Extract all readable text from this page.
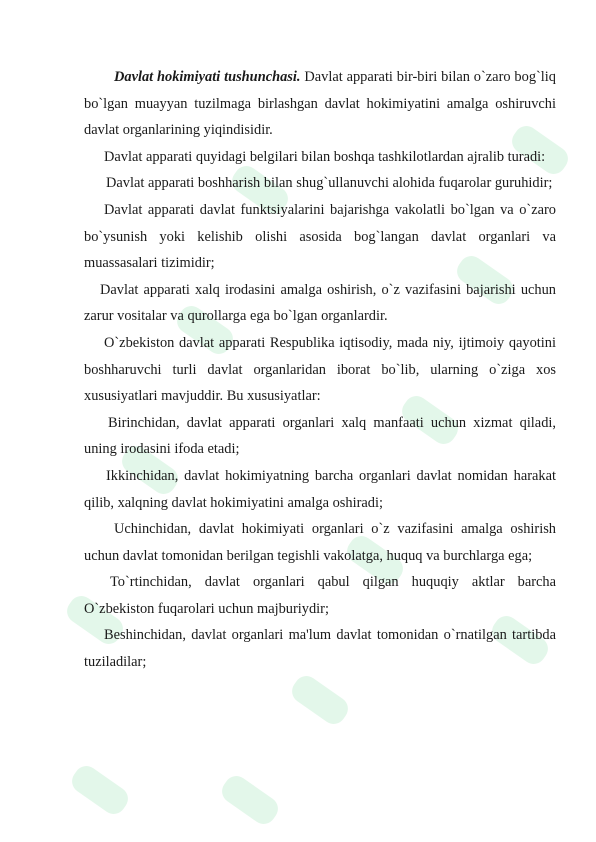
Davlat hokimiyati tushunchasi. Davlat apparati bir-biri bilan o`zaro bog`liq bo`lgan muayyan tuzilmaga birlashgan davlat hokimiyatini amalga oshiruvchi davlat organlarining yiqindisidir.

Davlat apparati quyidagi belgilari bilan boshqa tashkilotlardan ajralib turadi:

Davlat apparati boshharish bilan shug`ullanuvchi alohida fuqarolar guruhidir;

Davlat apparati davlat funktsiyalarini bajarishga vakolatli bo`lgan va o`zaro bo`ysunish yoki kelishib olishi asosida bog`langan davlat organlari va muassasalari tizimidir;

Davlat apparati xalq irodasini amalga oshirish, o`z vazifasini bajarishi uchun zarur vositalar va qurollarga ega bo`lgan organlardir.

O`zbekiston davlat apparati Respublika iqtisodiy, mada niy, ijtimoiy qayotini boshharuvchi turli davlat organlaridan iborat bo`lib, ularning o`ziga xos xususiyatlari mavjuddir. Bu xususiyatlar:

Birinchidan, davlat apparati organlari xalq manfaati uchun xizmat qiladi, uning irodasini ifoda etadi;

Ikkinchidan, davlat hokimiyatning barcha organlari davlat nomidan harakat qilib, xalqning davlat hokimiyatini amalga oshiradi;

Uchinchidan, davlat hokimiyati organlari o`z vazifasini amalga oshirish uchun davlat tomonidan berilgan tegishli vakolatga, huquq va burchlarga ega;

To`rtinchidan, davlat organlari qabul qilgan huquqiy aktlar barcha O`zbekiston fuqarolari uchun majburiydir;

Beshinchidan, davlat organlari ma'lum davlat tomonidan o`rnatilgan tartibda tuziladilar;
